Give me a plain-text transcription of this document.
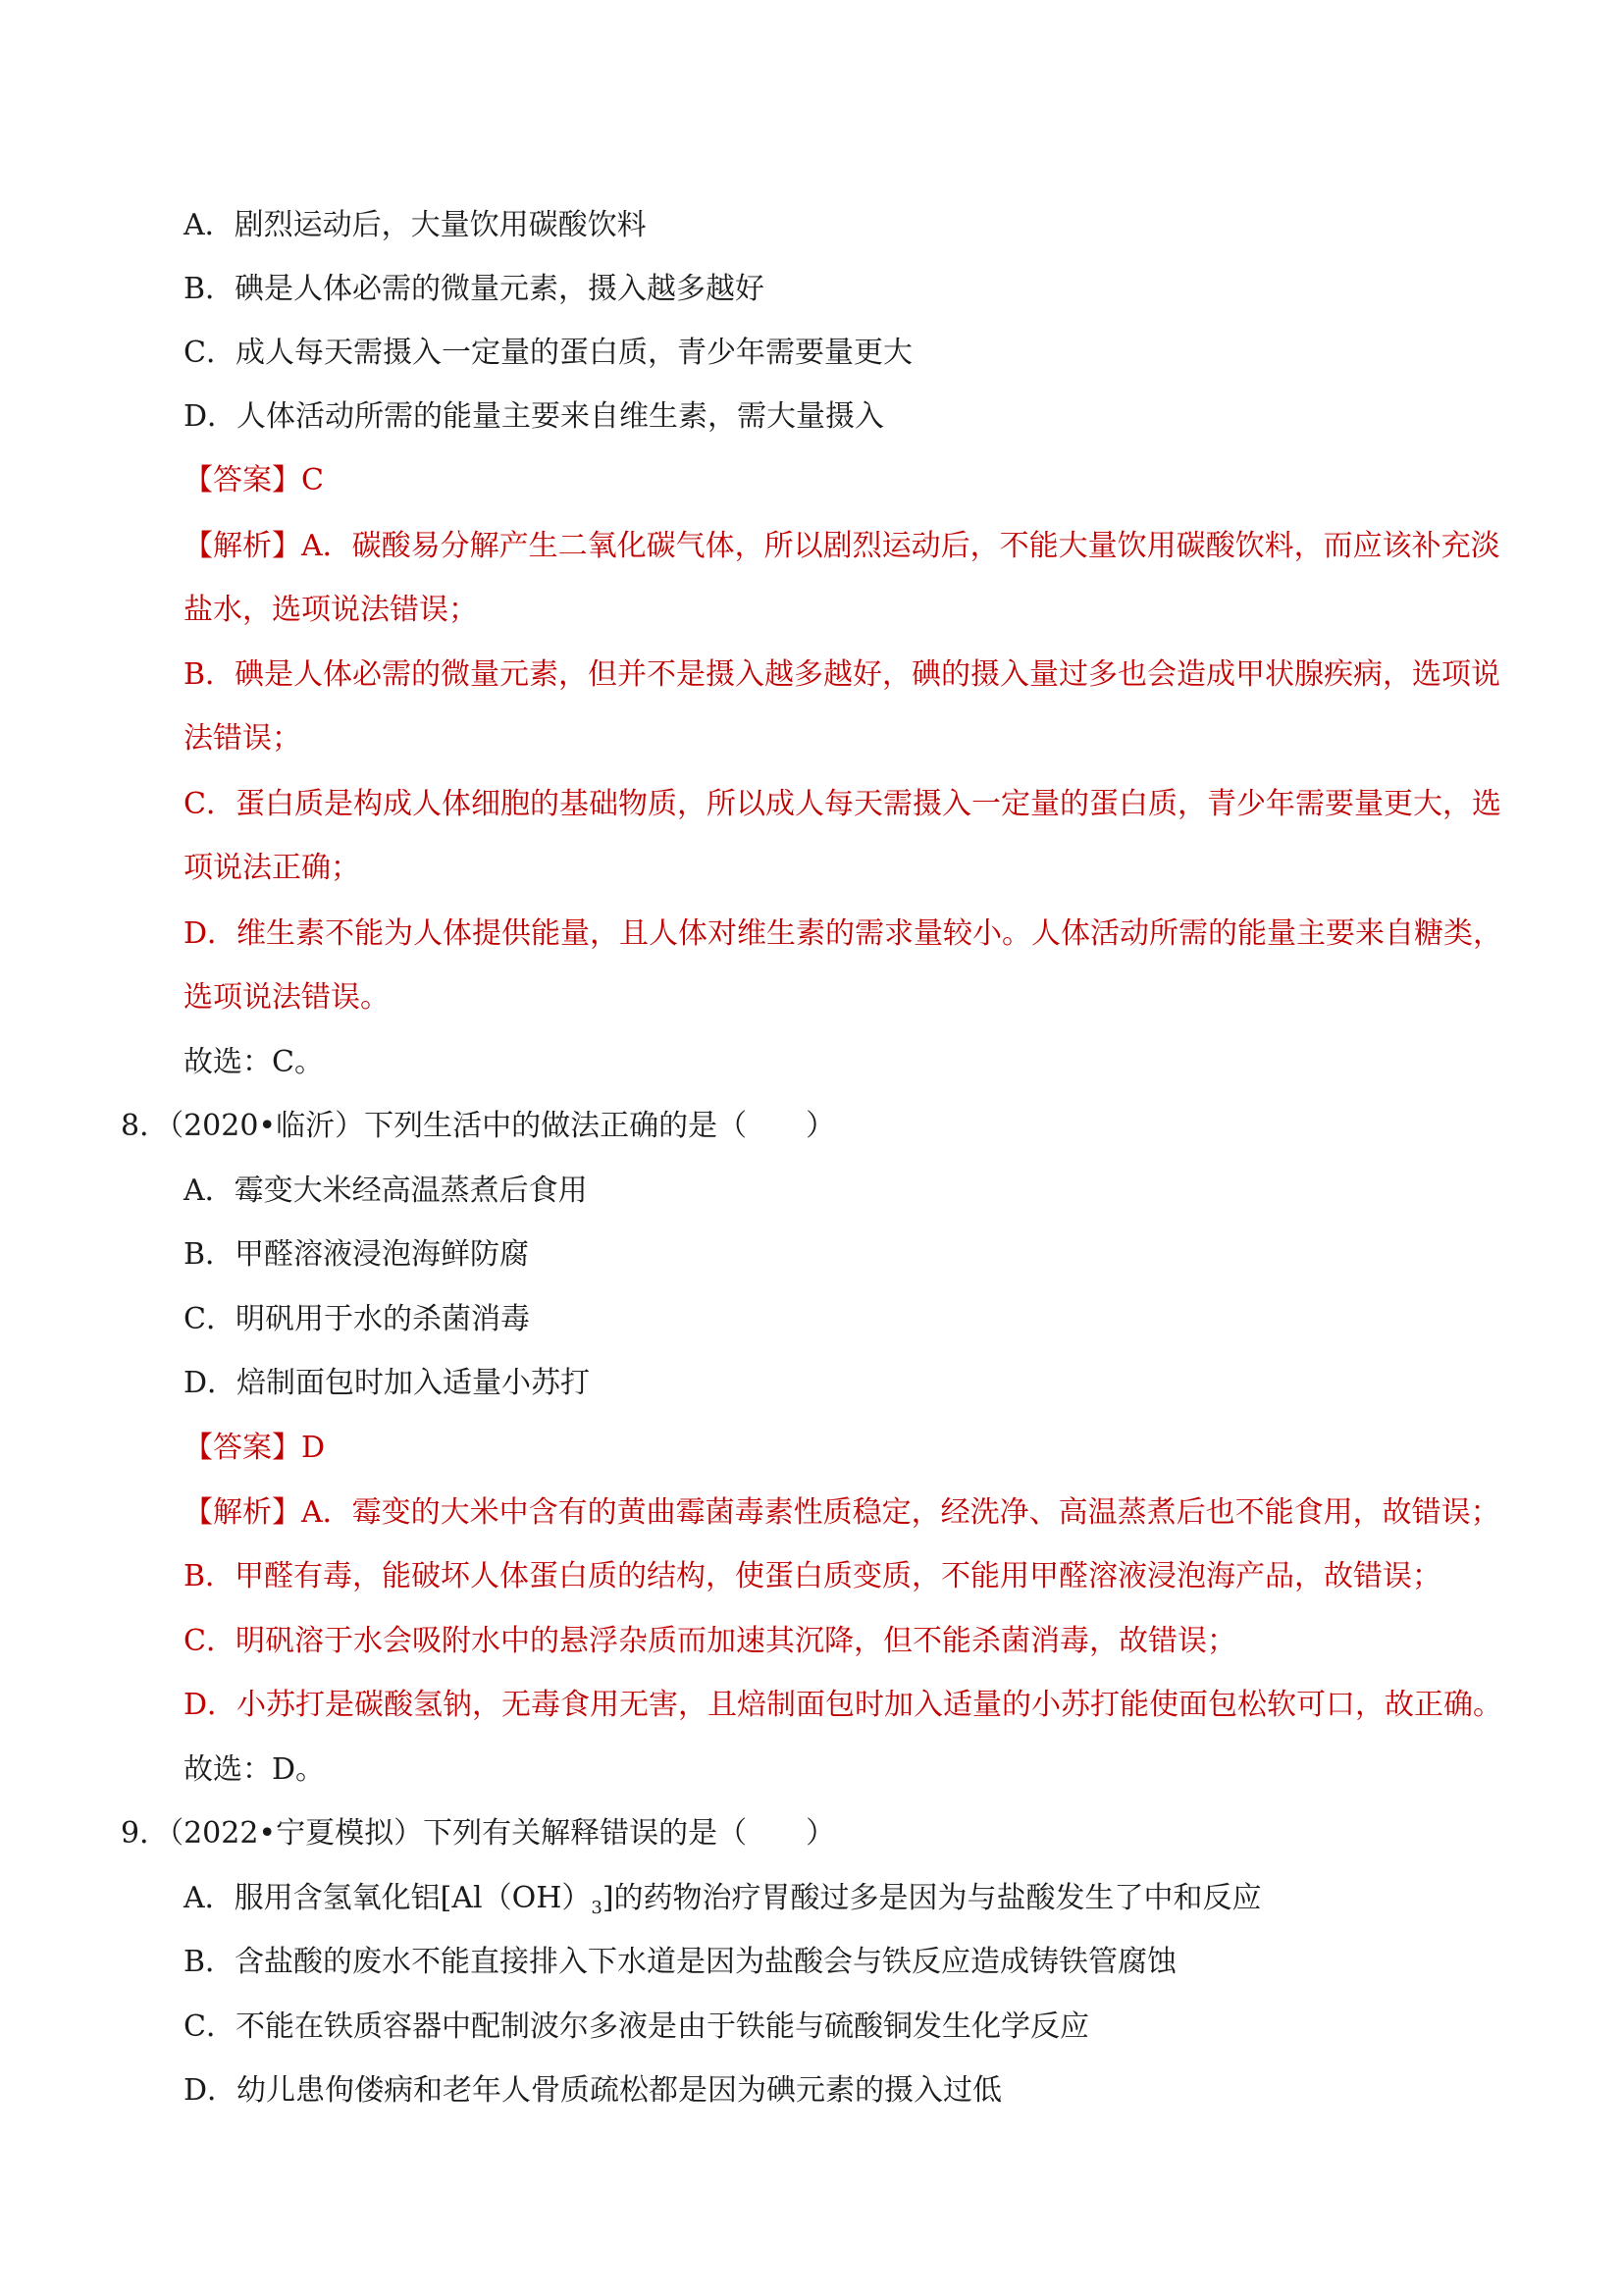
A．剧烈运动后，大量饮用碳酸饮料
B．碘是人体必需的微量元素，摄入越多越好
C．成人每天需摄入一定量的蛋白质，青少年需要量更大
D．人体活动所需的能量主要来自维生素，需大量摄入
【答案】C
【解析】A．碳酸易分解产生二氧化碳气体，所以剧烈运动后，不能大量饮用碳酸饮料，而应该补充淡
盐水，选项说法错误；
B．碘是人体必需的微量元素，但并不是摄入越多越好，碘的摄入量过多也会造成甲状腺疾病，选项说
法错误；
C．蛋白质是构成人体细胞的基础物质，所以成人每天需摄入一定量的蛋白质，青少年需要量更大，选
项说法正确；
D．维生素不能为人体提供能量，且人体对维生素的需求量较小。人体活动所需的能量主要来自糖类，
选项说法错误。
故选：C。
8．（2020•临沂）下列生活中的做法正确的是（　　）
A．霉变大米经高温蒸煮后食用
B．甲醛溶液浸泡海鲜防腐
C．明矾用于水的杀菌消毒
D．焙制面包时加入适量小苏打
【答案】D
【解析】A．霉变的大米中含有的黄曲霉菌毒素性质稳定，经洗净、高温蒸煮后也不能食用，故错误；
B．甲醛有毒，能破坏人体蛋白质的结构，使蛋白质变质，不能用甲醛溶液浸泡海产品，故错误；
C．明矾溶于水会吸附水中的悬浮杂质而加速其沉降，但不能杀菌消毒，故错误；
D．小苏打是碳酸氢钠，无毒食用无害，且焙制面包时加入适量的小苏打能使面包松软可口，故正确。
故选：D。
9．（2022•宁夏模拟）下列有关解释错误的是（　　）
A．服用含氢氧化铝$[Al(OH)_3]$的药物治疗胃酸过多是因为与盐酸发生了中和反应
B．含盐酸的废水不能直接排入下水道是因为盐酸会与铁反应造成铸铁管腐蚀
C．不能在铁质容器中配制波尔多液是由于铁能与硫酸铜发生化学反应
D．幼儿患佝偻病和老年人骨质疏松都是因为碘元素的摄入过低
